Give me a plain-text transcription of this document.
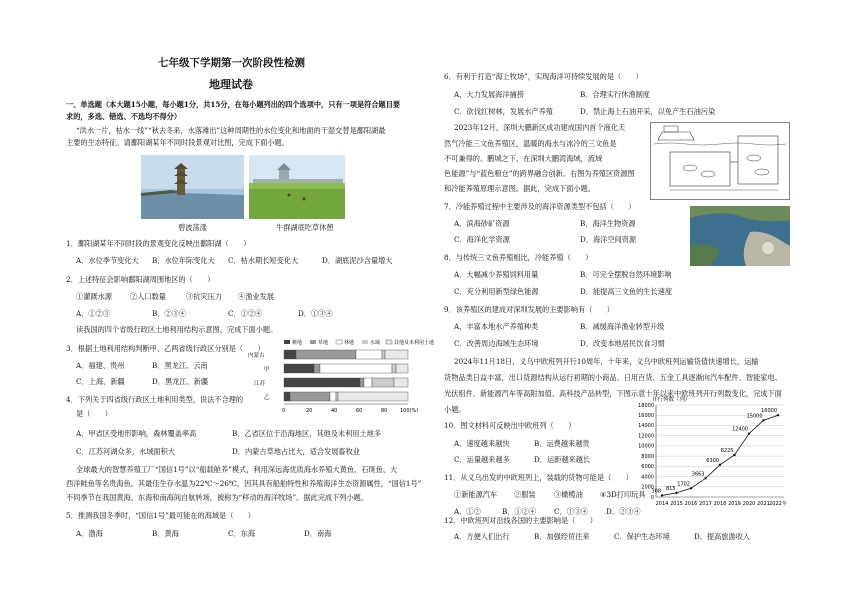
七年级下学期第一次阶段性检测
地理试卷
一、单选题（本大题15小题，每小题1分，共15分，在每小题列出的四个选项中，只有一项是符合题目要
求的，多选、错选、不选均不得分）
“洪水一片，枯水一线”“秋去冬来，水落滩出”这种周期性的水位变化和地面的干湿交替是鄱阳湖最
主要的生态特征。请鄱阳湖某年不同时段景观对比图，完成下面小题。
碧波荡漾	牛群湖底吃草休憩
1．鄱阳湖某年不同时段的景观变化反映出鄱阳湖（　　）
A．水位季节变化大 B．水位年际变化大 C．枯水期长短变化大	D．湖底泥沙含量增大
2．上述特征会影响鄱阳湖周围地区的（　　）
①灌溉水源	②人口数量	③抗灾压力 ④渔业发展
A．①②③	B．②③④	C．①②④	D．①③④
读我国的四个省级行政区土地利用结构示意图，完成下面小题。
3．根据土地利用结构判断甲、乙两省级行政区分别是（　　）
A．福建、贵州	B．黑龙江、云南
C．上海、新疆	D．黑龙江、新疆
耕地	草地	林地	水域	其他及未利用土地
内蒙古
甲
江苏
乙
0	20	40	60	80	100(%)
4．下列关于四省级行政区土地利用类型，说法不合理的
是（　　）
A．甲省区受地形影响，森林覆盖率高	B．乙省区位于沿海地区，其他及未利用土地多
C．江苏河湖众多，水域面积大	D．内蒙古草地占比大，适合发展畜牧业
全球最大的智慧养殖工厂“国信1号”以“船载舱养”模式，利用深远海优质海水养殖大黄鱼、石斑鱼、大
西洋鲑鱼等名贵海鱼，其最佳生存水温为22℃～26℃，因其具有船舶特性和养殖海洋生态资源属性，“国信1号”
不同季节在我国黄海、东海和南海间自航转场，被称为“移动的海洋牧场”。据此完成下列小题。
5．推测我国冬季时，“国信1号”最可能在的海域是（　　）
A．渤海	B．黄海	C．东海	D．南海
6．有利于打造“海上牧场”，实现海洋可持续发展的是（　　）
A．大力发展海洋捕捞	B．合理实行休渔制度
C．砍伐红树林，发展水产养殖	D．禁止海上石油开采，以免产生石油污染
2023年12月，深圳大鹏新区成功建成国内首个液化天
然气冷能三文鱼养殖区，温暖的海水与冰冷的三文鱼是
不可兼得的。鹏城之下，在深圳大鹏湾海域，流域
色能源”与“蓝色粮仓”的跨界融合创新。右图为养殖区资源图
和冷能养殖原理示意图。据此，完成下面小题。
7．冷能养殖过程中主要涉及的海洋资源类型不包括（　　）
A．滨海砂矿资源	B．海洋生物资源
C．海洋化学资源	D．海洋空间资源
8．与传统三文鱼养殖相比，冷能养殖（　　）
A．大幅减少养殖饲料用量	B．可完全摆脱自然环境影响
C．充分利用新型绿色能源	D．能提高三文鱼的生长速度
9．该养殖区的建成对深圳发展的主要影响有（　　）
A．丰富本地水产养殖种类	B．减缓海洋渔业转型升级
C．改善周边海域生态环境	D．改变本地居民饮食习惯
2024年11月18日，义乌中欧班列开行10周年，十年来，义乌中欧班列运输货值快速增长，运输
货物品类日益丰富，出口货源结构从运行初期的小商品、日用百货、五金工具逐渐向汽车配件、智能家电、
光伏组件、新能源汽车等高附加值、高科技产品转型，下图示意十年以来中欧班列开行列数变化，完成下面
小题。
10．图文材料可反映出中欧班列（　　）
A．速度越来越快	B．运费越来越贵
C．运量越来越多	D．运距越来越长
11．从义乌出发的中欧班列上，装载的货物可能是（　　）
①新能源汽车 ②服装	③橄榄油 ④3D打印玩具
A．①②	B．①②④ C．①③④ D．②③④
12．中欧班列对沿线各国的主要影响是（　　）
A．方便人们出行	B．加强经贸往来	C．保护生态环境	D．提高旅游收入
开行列数（列）
0
2000
4000
6000
8000
10000
12000
14000
16000
18000
2014 2015 2016 2017 2018 2019 2020 2021 2022年
308 815
1702
3663
6300
8225
12400
15000
16000
